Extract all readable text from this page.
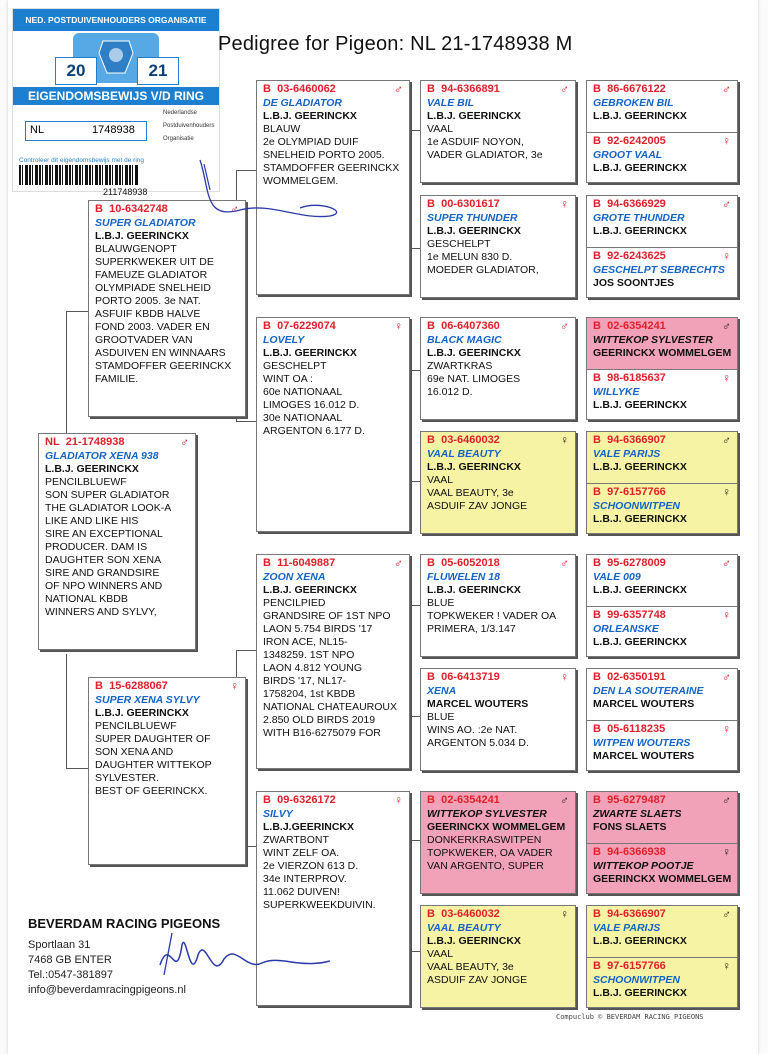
NED. POSTDUIVENHOUDERS ORGANISATIE
20	21
EIGENDOMSBEWIJS V/D RING
NL	1748938
Nederlandse
Postduivenhouders
Organisatie
Controleer dit eigendomsbewijs met de ring
211748938
Pedigree for Pigeon: NL 21-1748938 M
NL 21-1748938	♂
GLADIATOR XENA 938
L.B.J. GEERINCKX
PENCILBLUEWF
SON SUPER GLADIATOR
THE GLADIATOR LOOK-A
LIKE AND LIKE HIS
SIRE AN EXCEPTIONAL
PRODUCER. DAM IS
DAUGHTER SON XENA
SIRE AND GRANDSIRE
OF NPO WINNERS AND
NATIONAL KBDB
WINNERS AND SYLVY,
B 10-6342748	♂
SUPER GLADIATOR
L.B.J. GEERINCKX
BLAUWGENOPT
SUPERKWEKER UIT DE
FAMEUZE GLADIATOR
OLYMPIADE SNELHEID
PORTO 2005. 3e NAT.
ASFUIF KBDB HALVE
FOND 2003. VADER EN
GROOTVADER VAN
ASDUIVEN EN WINNAARS
STAMDOFFER GEERINCKX
FAMILIE.
B 15-6288067	♀
SUPER XENA SYLVY
L.B.J. GEERINCKX
PENCILBLUEWF
SUPER DAUGHTER OF
SON XENA AND
DAUGHTER WITTEKOP
SYLVESTER.
BEST OF GEERINCKX.
B 03-6460062	♂
DE GLADIATOR
L.B.J. GEERINCKX
BLAUW
2e OLYMPIAD DUIF
SNELHEID PORTO 2005.
STAMDOFFER GEERINCKX
WOMMELGEM.
B 07-6229074	♀
LOVELY
L.B.J. GEERINCKX
GESCHELPT
WINT OA :
60e NATIONAAL
LIMOGES 16.012 D.
30e NATIONAAL
ARGENTON 6.177 D.
B 11-6049887	♂
ZOON XENA
L.B.J. GEERINCKX
PENCILPIED
GRANDSIRE OF 1ST NPO
LAON 5.754 BIRDS '17
IRON ACE, NL15-
1348259. 1ST NPO
LAON 4.812 YOUNG
BIRDS '17, NL17-
1758204, 1st KBDB
NATIONAL CHATEAUROUX
2.850 OLD BIRDS 2019
WITH B16-6275079 FOR
B 09-6326172	♀
SILVY
L.B.J.GEERINCKX
ZWARTBONT
WINT ZELF OA.
2e VIERZON 613 D.
34e INTERPROV.
11.062 DUIVEN!
SUPERKWEEKDUIVIN.
B 94-6366891	♂
VALE BIL
L.B.J. GEERINCKX
VAAL
1e ASDUIF NOYON,
VADER GLADIATOR, 3e
B 00-6301617	♀
SUPER THUNDER
L.B.J. GEERINCKX
GESCHELPT
1e MELUN 830 D.
MOEDER GLADIATOR,
B 06-6407360	♂
BLACK MAGIC
L.B.J. GEERINCKX
ZWARTKRAS
69e NAT. LIMOGES
16.012 D.
B 03-6460032	♀
VAAL BEAUTY
L.B.J. GEERINCKX
VAAL
VAAL BEAUTY, 3e
ASDUIF ZAV JONGE
B 05-6052018	♂
FLUWELEN 18
L.B.J. GEERINCKX
BLUE
TOPKWEKER ! VADER OA
PRIMERA, 1/3.147
B 06-6413719	♀
XENA
MARCEL WOUTERS
BLUE
WINS AO. :2e NAT.
ARGENTON 5.034 D.
B 02-6354241	♂
WITTEKOP SYLVESTER
GEERINCKX WOMMELGEM
DONKERKRASWITPEN
TOPKWEKER, OA VADER
VAN ARGENTO, SUPER
B 03-6460032	♀
VAAL BEAUTY
L.B.J. GEERINCKX
VAAL
VAAL BEAUTY, 3e
ASDUIF ZAV JONGE
B 86-6676122	♂
GEBROKEN BIL
L.B.J. GEERINCKX
B 92-6242005	♀
GROOT VAAL
L.B.J. GEERINCKX
B 94-6366929	♂
GROTE THUNDER
L.B.J. GEERINCKX
B 92-6243625	♀
GESCHELPT SEBRECHTS
JOS SOONTJES
B 02-6354241	♂
WITTEKOP SYLVESTER
GEERINCKX WOMMELGEM
B 98-6185637	♀
WILLYKE
L.B.J. GEERINCKX
B 94-6366907	♂
VALE PARIJS
L.B.J. GEERINCKX
B 97-6157766	♀
SCHOONWITPEN
L.B.J. GEERINCKX
B 95-6278009	♂
VALE 009
L.B.J. GEERINCKX
B 99-6357748	♀
ORLEANSKE
L.B.J. GEERINCKX
B 02-6350191	♂
DEN LA SOUTERAINE
MARCEL WOUTERS
B 05-6118235	♀
WITPEN WOUTERS
MARCEL WOUTERS
B 95-6279487	♂
ZWARTE SLAETS
FONS SLAETS
B 94-6366938	♀
WITTEKOP POOTJE
GEERINCKX WOMMELGEM
B 94-6366907	♂
VALE PARIJS
L.B.J. GEERINCKX
B 97-6157766	♀
SCHOONWITPEN
L.B.J. GEERINCKX
BEVERDAM RACING PIGEONS
Sportlaan 31
7468 GB ENTER
Tel.:0547-381897
info@beverdamracingpigeons.nl
Compuclub © BEVERDAM RACING PIGEONS
